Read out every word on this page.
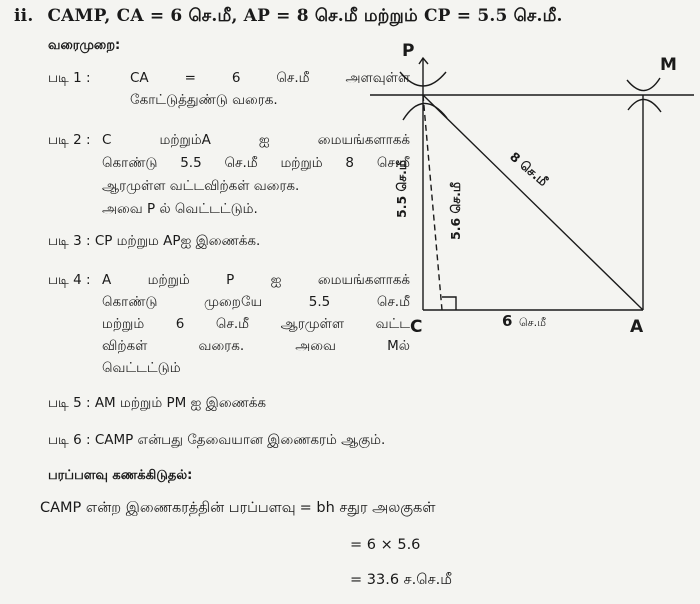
ii. CAMP, CA = 6 செ.மீ, AP = 8 செ.மீ மற்றும் CP = 5.5 செ.மீ.
வரைமுறை:
படி 1 :	CA = 6 செ.மீ அளவுள்ள
கோட்டுத்துண்டு வரைக.
படி 2 : C மற்றும்A ஐ மையங்களாகக்
கொண்டு 5.5 செ.மீ மற்றும் 8 செ.மீ
ஆரமுள்ள வட்டவிற்கள் வரைக.
அவை P ல் வெட்டட்டும்.
படி 3 : CP மற்றும APஐ இணைக்க.
படி 4 : A மற்றும் P ஐ மையங்களாகக்
கொண்டு முறையே 5.5 செ.மீ
மற்றும் 6 செ.மீ ஆரமுள்ள வட்ட
விற்கள் வரைக. அவை Mல்
வெட்டட்டும்
படி 5 : AM மற்றும் PM ஐ இணைக்க
படி 6 : CAMP என்பது தேவையான இணைகரம் ஆகும்.
பரப்பளவு கணக்கிடுதல்:
CAMP என்ற இணைகரத்தின் பரப்பளவு = bh சதுர அலகுகள்
= 6 × 5.6
= 33.6 ச.செ.மீ
P
M
C	A
5.5 செ.மீ	5.6 செ.மீ
8 செ.மீ
6 செ.மீ
